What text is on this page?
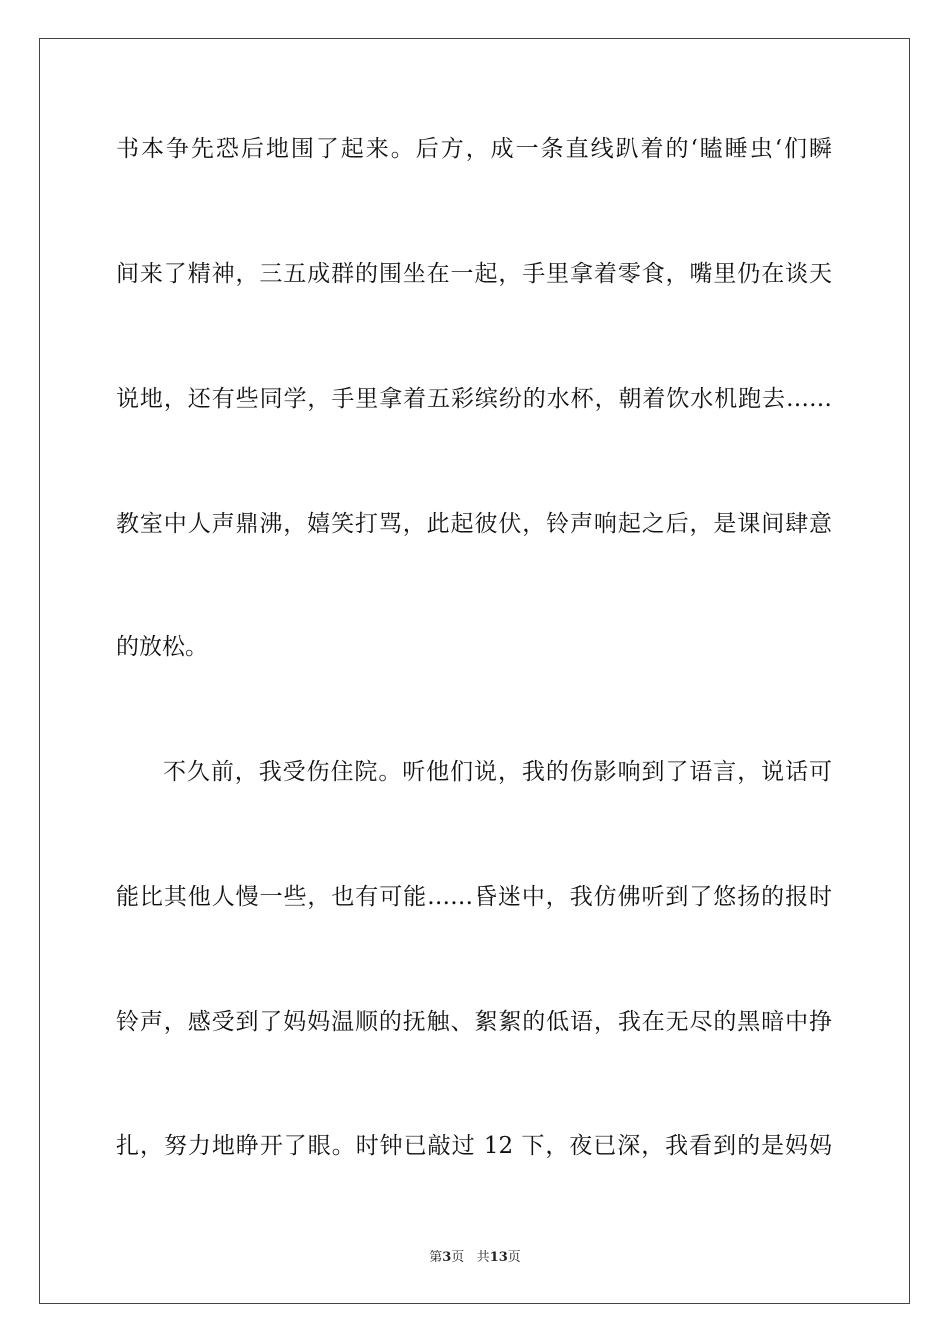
书本争先恐后地围了起来。后方，成一条直线趴着的‘瞌睡虫‘们瞬
间来了精神，三五成群的围坐在一起，手里拿着零食，嘴里仍在谈天
说地，还有些同学，手里拿着五彩缤纷的水杯，朝着饮水机跑去……
教室中人声鼎沸，嬉笑打骂，此起彼伏，铃声响起之后，是课间肆意
的放松。
不久前，我受伤住院。听他们说，我的伤影响到了语言，说话可
能比其他人慢一些，也有可能……昏迷中，我仿佛听到了悠扬的报时
铃声，感受到了妈妈温顺的抚触、絮絮的低语，我在无尽的黑暗中挣
扎，努力地睁开了眼。时钟已敲过 12 下，夜已深，我看到的是妈妈
第3页 共13页
